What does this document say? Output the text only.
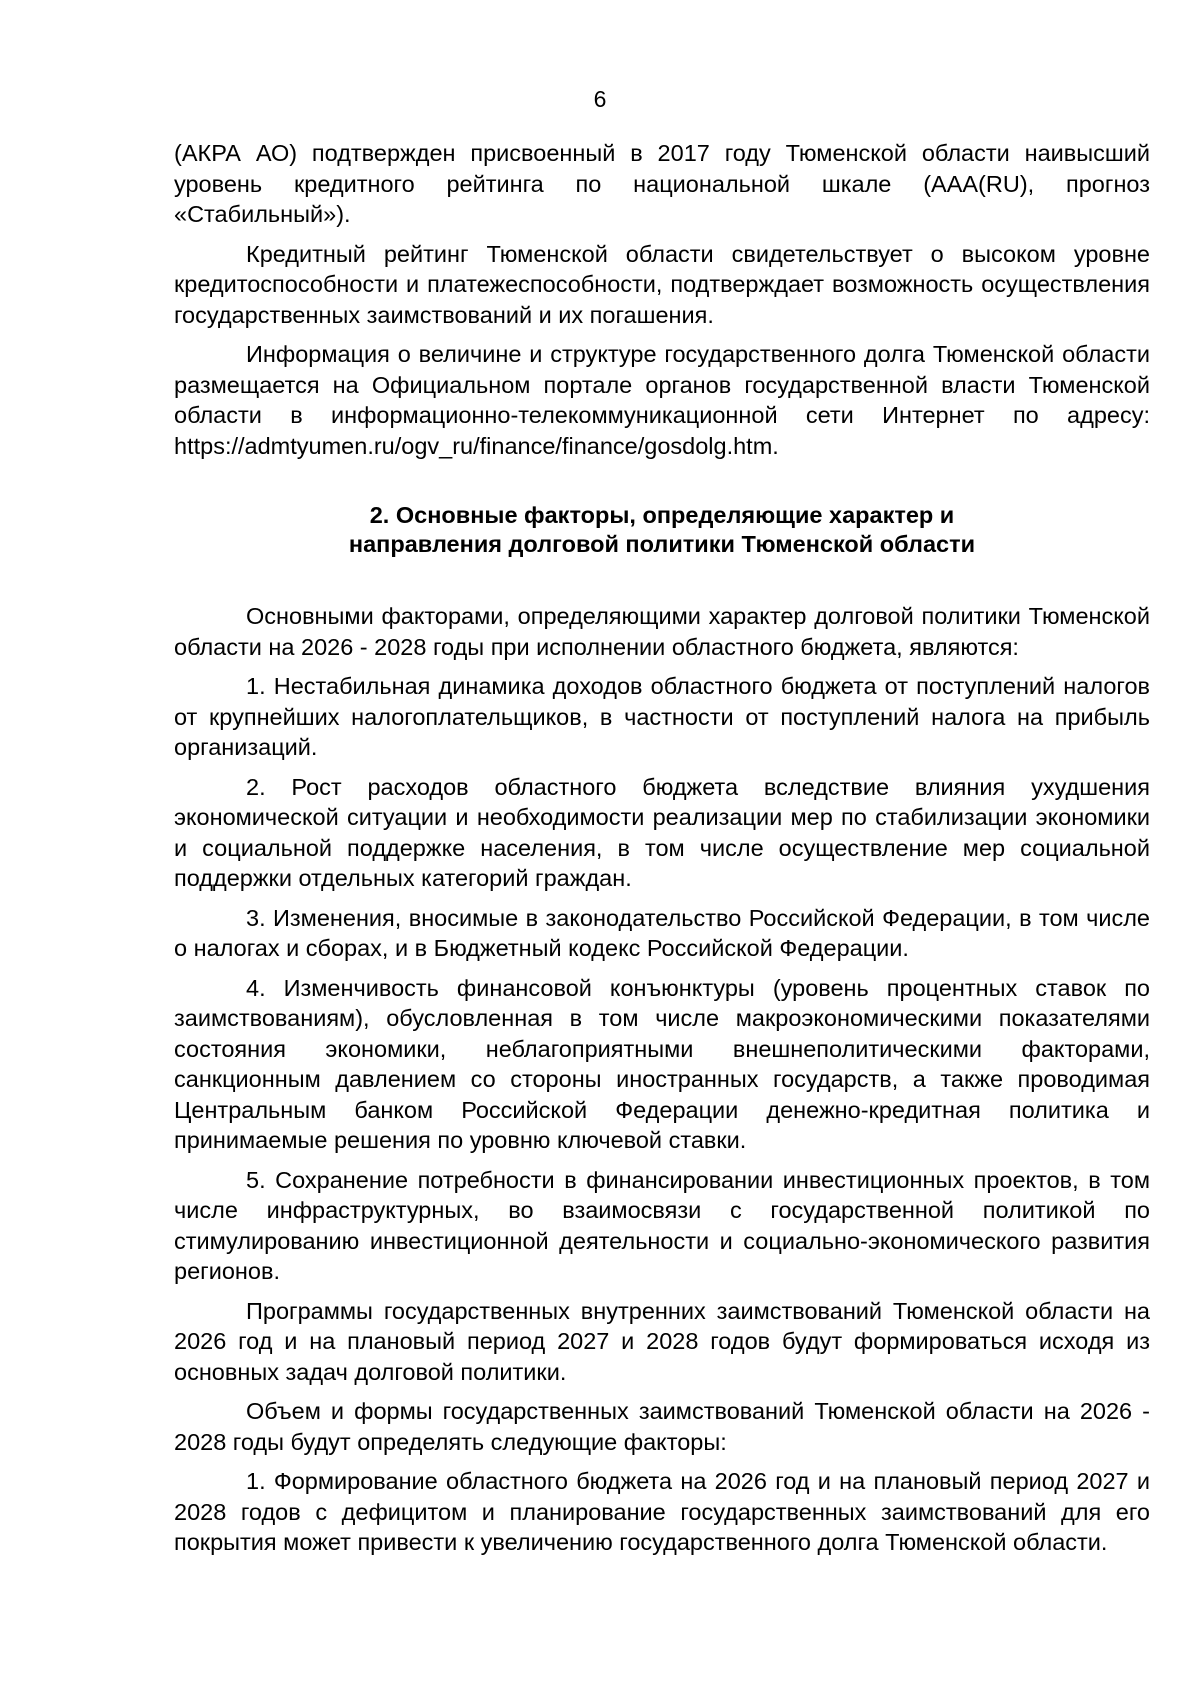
6

(АКРА АО) подтвержден присвоенный в 2017 году Тюменской области наивысший уровень кредитного рейтинга по национальной шкале (AAA(RU), прогноз «Стабильный»).

Кредитный рейтинг Тюменской области свидетельствует о высоком уровне кредитоспособности и платежеспособности, подтверждает возможность осуществления государственных заимствований и их погашения.

Информация о величине и структуре государственного долга Тюменской области размещается на Официальном портале органов государственной власти Тюменской области в информационно-телекоммуникационной сети Интернет по адресу: https://admtyumen.ru/ogv_ru/finance/finance/gosdolg.htm.

2. Основные факторы, определяющие характер и
направления долговой политики Тюменской области

Основными факторами, определяющими характер долговой политики Тюменской области на 2026 - 2028 годы при исполнении областного бюджета, являются:

1. Нестабильная динамика доходов областного бюджета от поступлений налогов от крупнейших налогоплательщиков, в частности от поступлений налога на прибыль организаций.

2. Рост расходов областного бюджета вследствие влияния ухудшения экономической ситуации и необходимости реализации мер по стабилизации экономики и социальной поддержке населения, в том числе осуществление мер социальной поддержки отдельных категорий граждан.

3. Изменения, вносимые в законодательство Российской Федерации, в том числе о налогах и сборах, и в Бюджетный кодекс Российской Федерации.

4. Изменчивость финансовой конъюнктуры (уровень процентных ставок по заимствованиям), обусловленная в том числе макроэкономическими показателями состояния экономики, неблагоприятными внешнеполитическими факторами, санкционным давлением со стороны иностранных государств, а также проводимая Центральным банком Российской Федерации денежно-кредитная политика и принимаемые решения по уровню ключевой ставки.

5. Сохранение потребности в финансировании инвестиционных проектов, в том числе инфраструктурных, во взаимосвязи с государственной политикой по стимулированию инвестиционной деятельности и социально-экономического развития регионов.

Программы государственных внутренних заимствований Тюменской области на 2026 год и на плановый период 2027 и 2028 годов будут формироваться исходя из основных задач долговой политики.

Объем и формы государственных заимствований Тюменской области на 2026 - 2028 годы будут определять следующие факторы:

1. Формирование областного бюджета на 2026 год и на плановый период 2027 и 2028 годов с дефицитом и планирование государственных заимствований для его покрытия может привести к увеличению государственного долга Тюменской области.
